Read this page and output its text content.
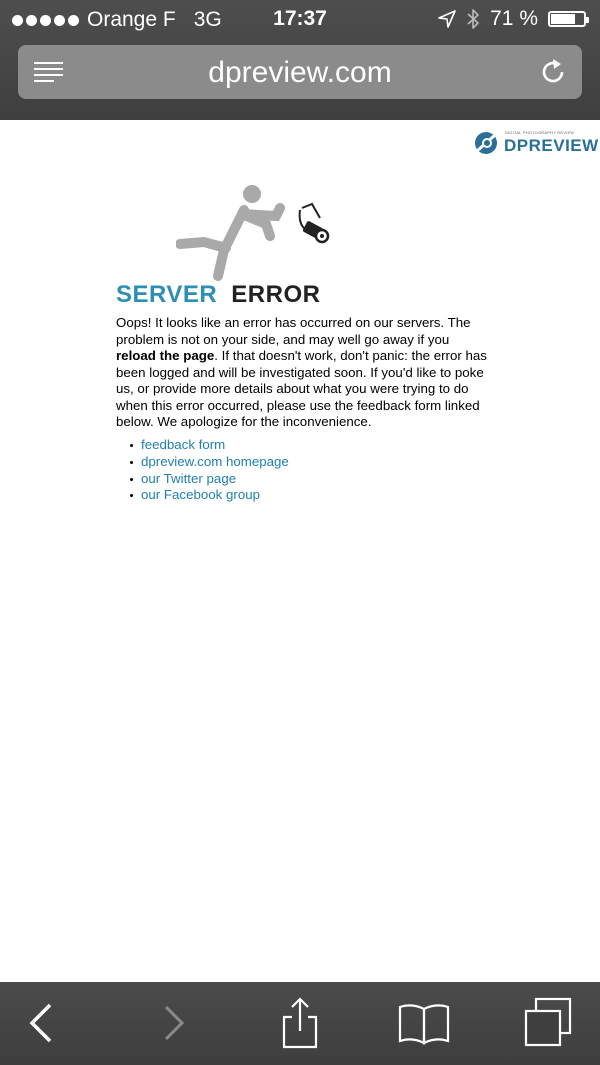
Orange F 3G	17:37	71 %
dpreview.com
DIGITAL PHOTOGRAPHY REVIEW
DPREVIEW
SERVER ERROR
Oops! It looks like an error has occurred on our servers. The problem is not on your side, and may well go away if you reload the page. If that doesn't work, don't panic: the error has been logged and will be investigated soon. If you'd like to poke us, or provide more details about what you were trying to do when this error occurred, please use the feedback form linked below. We apologize for the inconvenience.
feedback form
dpreview.com homepage
our Twitter page
our Facebook group
